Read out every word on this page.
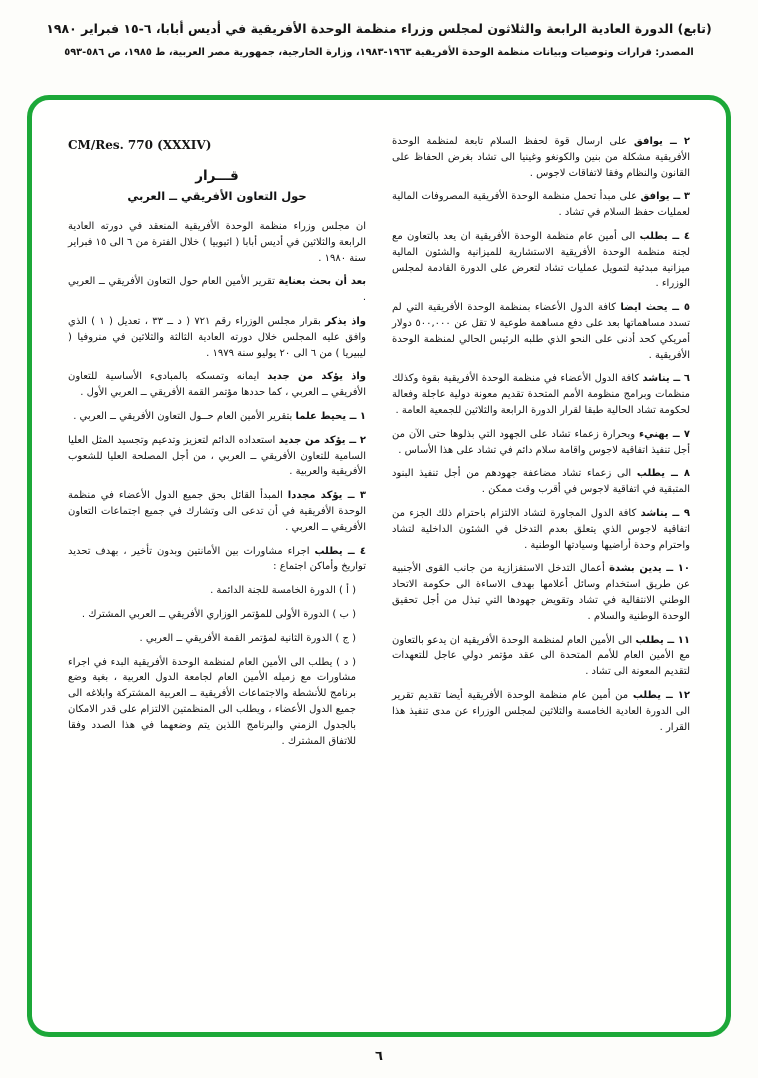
(تابع) الدورة العادية الرابعة والثلاثون لمجلس وزراء منظمة الوحدة الأفريقية في أديس أبابا، ٦-١٥ فبراير ١٩٨٠
المصدر: قرارات وتوصيات وبيانات منظمة الوحدة الأفريقية ١٩٦٣-١٩٨٣، وزارة الخارجية، جمهورية مصر العربية، ط ١٩٨٥، ص ٥٨٦-٥٩٣

٢ ــ يوافق على ارسال قوة لحفظ السلام تابعة لمنظمة الوحدة الأفريقية مشكلة من بنين والكونغو وغينيا الى تشاد بغرض الحفاظ على القانون والنظام وفقا لاتفاقات لاجوس .

٣ ــ يوافق على مبدأ تحمل منظمة الوحدة الأفريقية المصروفات المالية لعمليات حفظ السلام في تشاد .

٤ ــ يطلب الى أمين عام منظمة الوحدة الأفريقية ان يعد بالتعاون مع لجنة منظمة الوحدة الأفريقية الاستشارية للميزانية والشئون المالية ميزانية مبدئية لتمويل عمليات تشاد لتعرض على الدورة القادمة لمجلس الوزراء .

٥ ــ يحث ايضا كافة الدول الأعضاء بمنظمة الوحدة الأفريقية التي لم تسدد مساهماتها بعد على دفع مساهمة طوعية لا تقل عن ٥٠٠,٠٠٠ دولار أمريكي كحد أدنى على النحو الذي طلبه الرئيس الحالي لمنظمة الوحدة الأفريقية .

٦ ــ يناشد كافة الدول الأعضاء في منظمة الوحدة الأفريقية بقوة وكذلك منظمات وبرامج منظومة الأمم المتحدة تقديم معونة دولية عاجلة وفعالة لحكومة تشاد الحالية طبقا لقرار الدورة الرابعة والثلاثين للجمعية العامة .

٧ ــ يهنيء وبحرارة زعماء تشاد على الجهود التي بذلوها حتى الآن من أجل تنفيذ اتفاقية لاجوس واقامة سلام دائم في تشاد على هذا الأساس .

٨ ــ يطلب الى زعماء تشاد مضاعفة جهودهم من أجل تنفيذ البنود المتبقية في اتفاقية لاجوس في أقرب وقت ممكن .

٩ ــ يناشد كافة الدول المجاورة لتشاد الالتزام باحترام ذلك الجزء من اتفاقية لاجوس الذي يتعلق بعدم التدخل في الشئون الداخلية لتشاد واحترام وحدة أراضيها وسيادتها الوطنية .

١٠ ــ يدين بشدة أعمال التدخل الاستفزازية من جانب القوى الأجنبية عن طريق استخدام وسائل أعلامها بهدف الاساءة الى حكومة الاتحاد الوطني الانتقالية في تشاد وتقويض جهودها التي تبذل من أجل تحقيق الوحدة الوطنية والسلام .

١١ ــ يطلب الى الأمين العام لمنظمة الوحدة الأفريقية ان يدعو بالتعاون مع الأمين العام للأمم المتحدة الى عقد مؤتمر دولي عاجل للتعهدات لتقديم المعونة الى تشاد .

١٢ ــ يطلب من أمين عام منظمة الوحدة الأفريقية أيضا تقديم تقرير الى الدورة العادية الخامسة والثلاثين لمجلس الوزراء عن مدى تنفيذ هذا القرار .

CM/Res. 770 (XXXIV)
قـــرار
حول التعاون الأفريقي ــ العربي

ان مجلس وزراء منظمة الوحدة الأفريقية المنعقد في دورته العادية الرابعة والثلاثين في أديس أبابا ( اثيوبيا ) خلال الفترة من ٦ الى ١٥ فبراير سنة ١٩٨٠ .

بعد أن بحث بعناية تقرير الأمين العام حول التعاون الأفريقي ــ العربي .

واذ يذكر بقرار مجلس الوزراء رقم ٧٢١ ( د ــ ٣٣ ، تعديل ( ١ ) الذي وافق عليه المجلس خلال دورته العادية الثالثة والثلاثين في منروفيا ( ليبيريا ) من ٦ الى ٢٠ يوليو سنة ١٩٧٩ .

واذ يؤكد من جديد ايمانه وتمسكه بالمبادىء الأساسية للتعاون الأفريقي ــ العربي ، كما حددها مؤتمر القمة الأفريقي ــ العربي الأول .

١ ــ يحيط علما بتقرير الأمين العام حــول التعاون الأفريقي ــ العربي .

٢ ــ يؤكد من جديد استعداده الدائم لتعزيز وتدعيم وتجسيد المثل العليا السامية للتعاون الأفريقي ــ العربي ، من أجل المصلحة العليا للشعوب الأفريقية والعربية .

٣ ــ يؤكد مجددا المبدأ القائل بحق جميع الدول الأعضاء في منظمة الوحدة الأفريقية في أن تدعى الى وتشارك في جميع اجتماعات التعاون الأفريقي ــ العربي .

٤ ــ يطلب اجراء مشاورات بين الأمانتين وبدون تأخير ، بهدف تحديد تواريخ وأماكن اجتماع :

( أ ) الدورة الخامسة للجنة الدائمة .

( ب ) الدورة الأولى للمؤتمر الوزاري الأفريقي ــ العربي المشترك .

( ج ) الدورة الثانية لمؤتمر القمة الأفريقي ــ العربي .

( د ) يطلب الى الأمين العام لمنظمة الوحدة الأفريقية البدء في اجراء مشاورات مع زميله الأمين العام لجامعة الدول العربية ، بغية وضع برنامج للأنشطة والاجتماعات الأفريقية ــ العربية المشتركة وابلاغه الى جميع الدول الأعضاء ، ويطلب الى المنظمتين الالتزام على قدر الامكان بالجدول الزمني والبرنامج اللذين يتم وضعهما في هذا الصدد وفقا للاتفاق المشترك .

٦
